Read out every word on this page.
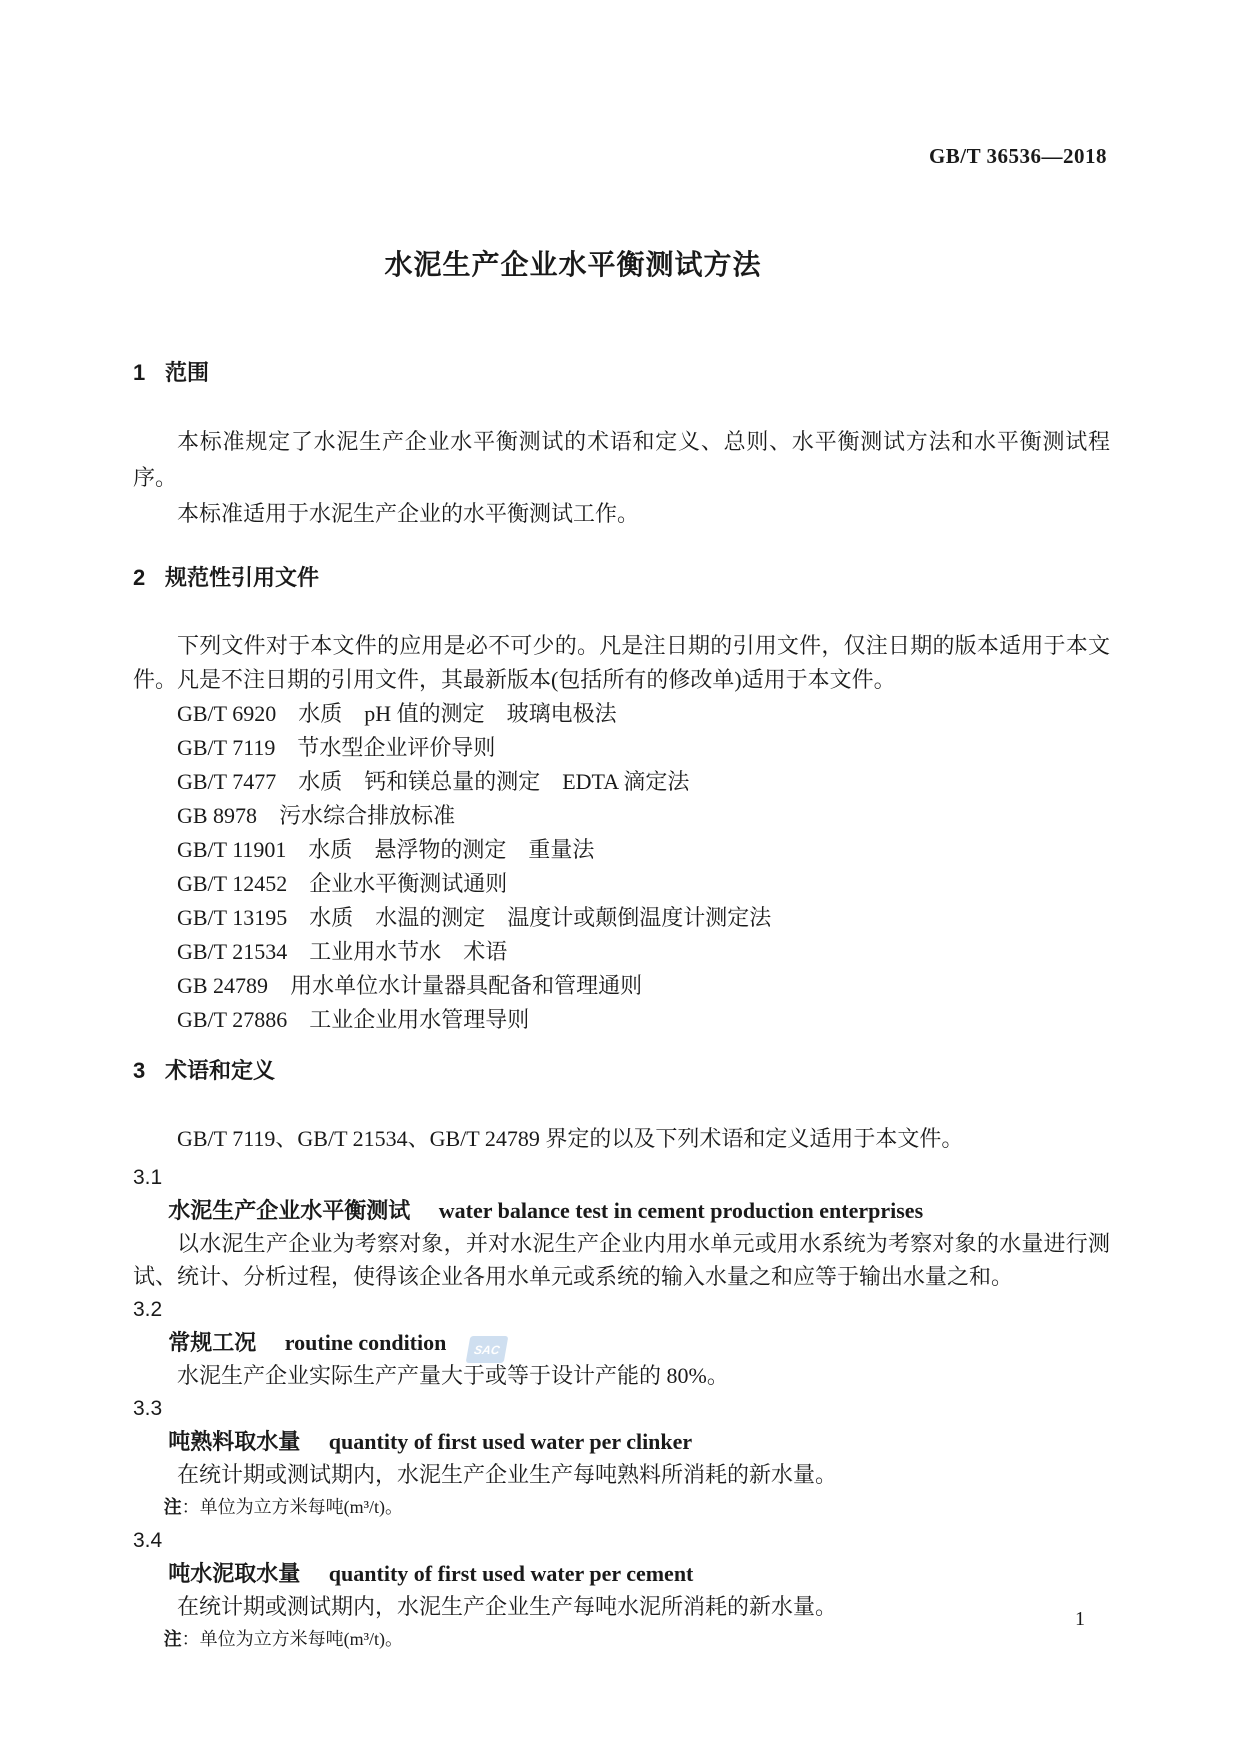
SAC
GB/T 36536—2018
水泥生产企业水平衡测试方法
1 范围

本标准规定了水泥生产企业水平衡测试的术语和定义、总则、水平衡测试方法和水平衡测试程序。

本标准适用于水泥生产企业的水平衡测试工作。

2 规范性引用文件

下列文件对于本文件的应用是必不可少的。凡是注日期的引用文件，仅注日期的版本适用于本文件。凡是不注日期的引用文件，其最新版本(包括所有的修改单)适用于本文件。

GB/T 6920 水质　pH 值的测定　玻璃电极法
GB/T 7119 节水型企业评价导则
GB/T 7477 水质　钙和镁总量的测定　EDTA 滴定法
GB 8978 污水综合排放标准
GB/T 11901 水质　悬浮物的测定　重量法
GB/T 12452 企业水平衡测试通则
GB/T 13195 水质　水温的测定　温度计或颠倒温度计测定法
GB/T 21534 工业用水节水　术语
GB 24789 用水单位水计量器具配备和管理通则
GB/T 27886 工业企业用水管理导则
3 术语和定义

GB/T 7119、GB/T 21534、GB/T 24789 界定的以及下列术语和定义适用于本文件。

3.1
水泥生产企业水平衡测试 water balance test in cement production enterprises

以水泥生产企业为考察对象，并对水泥生产企业内用水单元或用水系统为考察对象的水量进行测试、统计、分析过程，使得该企业各用水单元或系统的输入水量之和应等于输出水量之和。

3.2
常规工况 routine condition

水泥生产企业实际生产产量大于或等于设计产能的 80%。

3.3
吨熟料取水量 quantity of first used water per clinker

在统计期或测试期内，水泥生产企业生产每吨熟料所消耗的新水量。

注：单位为立方米每吨(m³/t)。
3.4
吨水泥取水量 quantity of first used water per cement

在统计期或测试期内，水泥生产企业生产每吨水泥所消耗的新水量。

注：单位为立方米每吨(m³/t)。
1
